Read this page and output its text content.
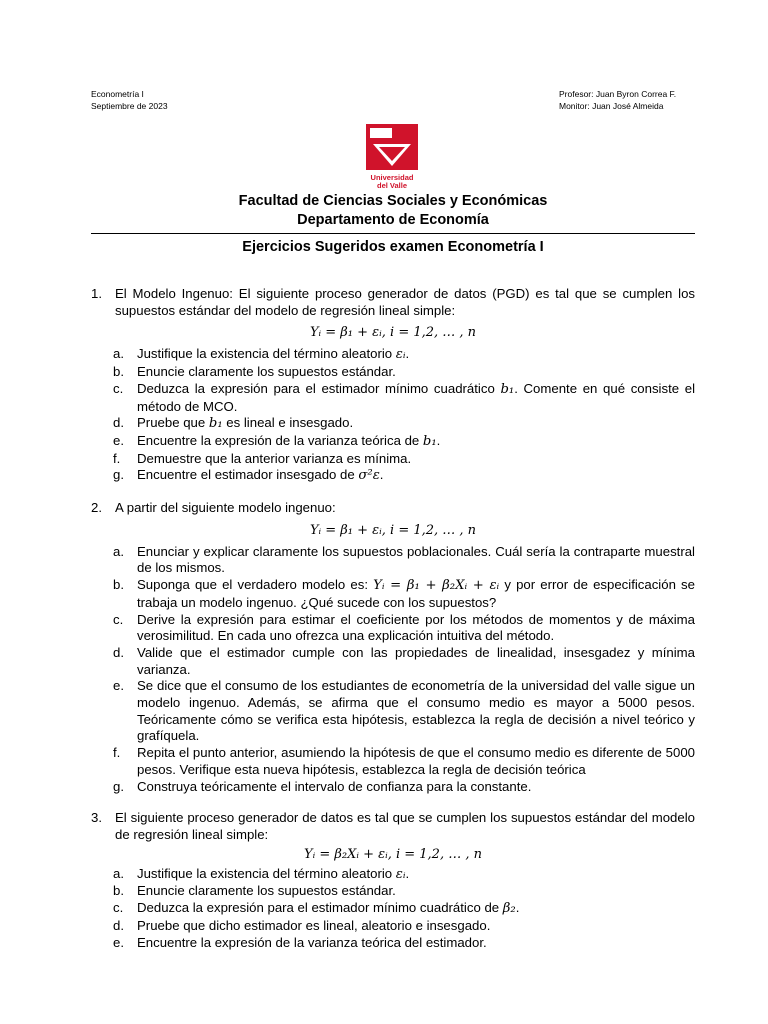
Econometría I
Septiembre de 2023
Profesor: Juan Byron Correa F.
Monitor: Juan José Almeida
Universidad
del Valle
Facultad de Ciencias Sociales y Económicas
Departamento de Economía
Ejercicios Sugeridos examen Econometría I
1. El Modelo Ingenuo: El siguiente proceso generador de datos (PGD) es tal que se cumplen los supuestos estándar del modelo de regresión lineal simple:
Yᵢ = β₁ + εᵢ, i = 1,2, … , n
a. Justifique la existencia del término aleatorio εᵢ.
b. Enuncie claramente los supuestos estándar.
c.	Deduzca la expresión para el estimador mínimo cuadrático b₁. Comente en qué consiste el método de MCO.
d. Pruebe que b₁ es lineal e insesgado.
e. Encuentre la expresión de la varianza teórica de b₁.
f.	Demuestre que la anterior varianza es mínima.
g. Encuentre el estimador insesgado de σ²ε.
2. A partir del siguiente modelo ingenuo:
Yᵢ = β₁ + εᵢ, i = 1,2, … , n
a. Enunciar y explicar claramente los supuestos poblacionales. Cuál sería la contraparte muestral de los mismos.
b. Suponga que el verdadero modelo es: Yᵢ = β₁ + β₂Xᵢ + εᵢ y por error de especificación se trabaja un modelo ingenuo. ¿Qué sucede con los supuestos?
c.	Derive la expresión para estimar el coeficiente por los métodos de momentos y de máxima verosimilitud. En cada uno ofrezca una explicación intuitiva del método.
d. Valide que el estimador cumple con las propiedades de linealidad, insesgadez y mínima varianza.
e. Se dice que el consumo de los estudiantes de econometría de la universidad del valle sigue un modelo ingenuo. Además, se afirma que el consumo medio es mayor a 5000 pesos. Teóricamente cómo se verifica esta hipótesis, establezca la regla de decisión a nivel teórico y grafíquela.
f.	Repita el punto anterior, asumiendo la hipótesis de que el consumo medio es diferente de 5000 pesos. Verifique esta nueva hipótesis, establezca la regla de decisión teórica
g. Construya teóricamente el intervalo de confianza para la constante.
3. El siguiente proceso generador de datos es tal que se cumplen los supuestos estándar del modelo de regresión lineal simple:
Yᵢ = β₂Xᵢ + εᵢ, i = 1,2, … , n
a. Justifique la existencia del término aleatorio εᵢ.
b. Enuncie claramente los supuestos estándar.
c.	Deduzca la expresión para el estimador mínimo cuadrático de β₂.
d. Pruebe que dicho estimador es lineal, aleatorio e insesgado.
e. Encuentre la expresión de la varianza teórica del estimador.
